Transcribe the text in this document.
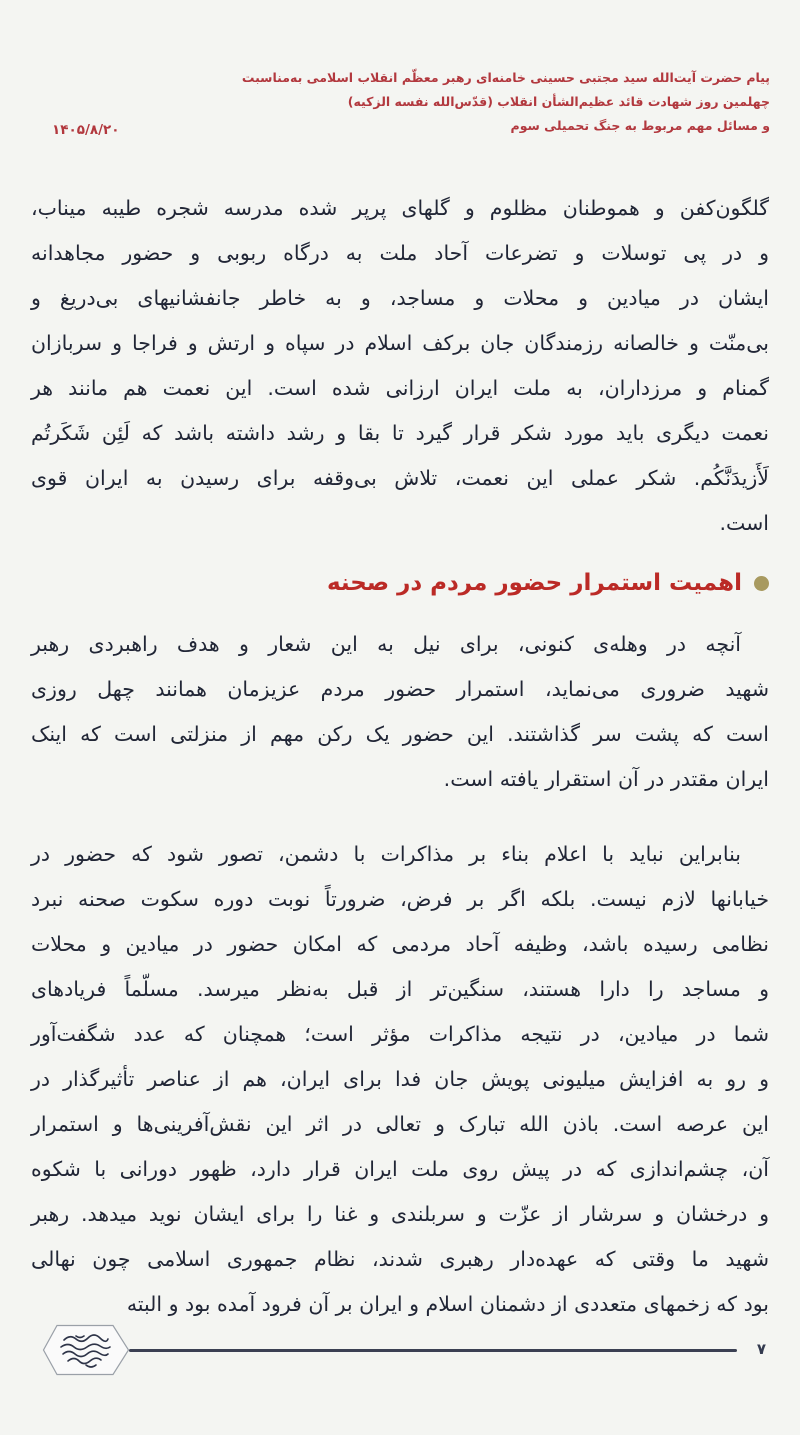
پیام حضرت آیت‌الله سید مجتبی حسینی خامنه‌ای رهبر معظّم انقلاب اسلامی به‌مناسبت
چهلمین روز شهادت قائد عظیم‌الشأن انقلاب (قدّس‌الله نفسه الزکیه)
و مسائل مهم مربوط به جنگ تحمیلی سوم
۱۴۰۵/۸/۲۰
گلگون‌کفن و هموطنان مظلوم و گلهای پرپر شده مدرسه شجره طیبه میناب،
و در پی توسلات و تضرعات آحاد ملت به درگاه ربوبی و حضور مجاهدانه
ایشان در میادین و محلات و مساجد، و به خاطر جانفشانیهای بی‌دریغ و
بی‌منّت و خالصانه رزمندگان جان برکف اسلام در سپاه و ارتش و فراجا و سربازان
گمنام و مرزداران، به ملت ایران ارزانی شده است. این نعمت هم مانند هر
نعمت دیگری باید مورد شکر قرار گیرد تا بقا و رشد داشته باشد که لَئِن شَکَرتُم
لَأَزیدَنَّکُم. شکر عملی این نعمت، تلاش بی‌وقفه برای رسیدن به ایران قوی
است.
اهمیت استمرار حضور مردم در صحنه
آنچه در وهله‌ی کنونی، برای نیل به این شعار و هدف راهبردی رهبر
شهید ضروری می‌نماید، استمرار حضور مردم عزیزمان همانند چهل روزی
است که پشت سر گذاشتند. این حضور یک رکن مهم از منزلتی است که اینک
ایران مقتدر در آن استقرار یافته است.
بنابراین نباید با اعلام بناء بر مذاکرات با دشمن، تصور شود که حضور در
خیابانها لازم نیست. بلکه اگر بر فرض، ضرورتاً نوبت دوره سکوت صحنه نبرد
نظامی رسیده باشد، وظیفه آحاد مردمی که امکان حضور در میادین و محلات
و مساجد را دارا هستند، سنگین‌تر از قبل به‌نظر میرسد. مسلّماً فریادهای
شما در میادین، در نتیجه مذاکرات مؤثر است؛ همچنان که عدد شگفت‌آور
و رو به افزایش میلیونی پویش جان فدا برای ایران، هم از عناصر تأثیرگذار در
این عرصه است. باذن الله تبارک و تعالی در اثر این نقش‌آفرینی‌ها و استمرار
آن، چشم‌اندازی که در پیش روی ملت ایران قرار دارد، ظهور دورانی با شکوه
و درخشان و سرشار از عزّت و سربلندی و غنا را برای ایشان نوید میدهد. رهبر
شهید ما وقتی که عهده‌دار رهبری شدند، نظام جمهوری اسلامی چون نهالی
بود که زخمهای متعددی از دشمنان اسلام و ایران بر آن فرود آمده بود و البته
۷
